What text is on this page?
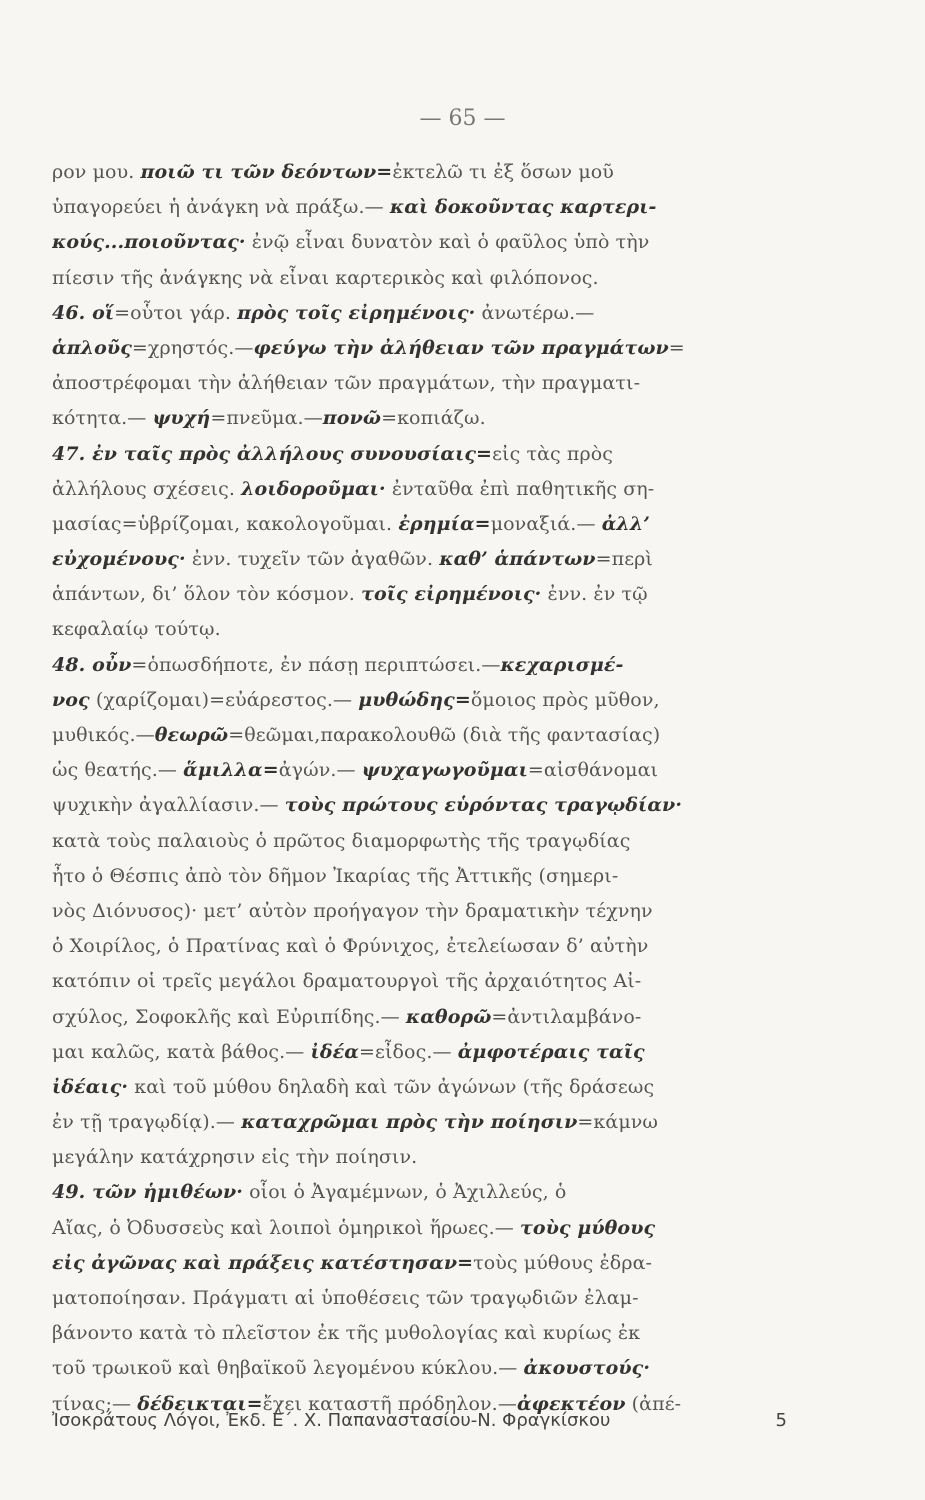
— 65 —
ρον μου. ποιῶ τι τῶν δεόντων=ἐκτελῶ τι ἐξ ὅσων μοῦ
ὑπαγορεύει ἡ ἀνάγκη νὰ πράξω.— καὶ δοκοῦντας καρτερι-
κούς...ποιοῦντας· ἐνῷ εἶναι δυνατὸν καὶ ὁ φαῦλος ὑπὸ τὴν
πίεσιν τῆς ἀνάγκης νὰ εἶναι καρτερικὸς καὶ φιλόπονος.
46. οἵ=οὗτοι γάρ. πρὸς τοῖς εἰρημένοις· ἀνωτέρω.—
ἁπλοῦς=χρηστός.—φεύγω τὴν ἀλήθειαν τῶν πραγμάτων=
ἀποστρέφομαι τὴν ἀλήθειαν τῶν πραγμάτων, τὴν πραγματι-
κότητα.— ψυχή=πνεῦμα.—πονῶ=κοπιάζω.
47. ἐν ταῖς πρὸς ἀλλήλους συνουσίαις=εἰς τὰς πρὸς
ἀλλήλους σχέσεις. λοιδοροῦμαι· ἐνταῦθα ἐπὶ παθητικῆς ση-
μασίας=ὑβρίζομαι, κακολογοῦμαι. ἐρημία=μοναξιά.— ἀλλ’
εὐχομένους· ἐνν. τυχεῖν τῶν ἀγαθῶν. καθ’ ἁπάντων=περὶ
ἁπάντων, δι’ ὅλον τὸν κόσμον. τοῖς εἰρημένοις· ἐνν. ἐν τῷ
κεφαλαίῳ τούτῳ.
48. οὖν=ὁπωσδήποτε, ἐν πάσῃ περιπτώσει.—κεχαρισμέ-
νος (χαρίζομαι)=εὐάρεστος.— μυθώδης=ὅμοιος πρὸς μῦθον,
μυθικός.—θεωρῶ=θεῶμαι,παρακολουθῶ (διὰ τῆς φαντασίας)
ὡς θεατής.— ἅμιλλα=ἀγών.— ψυχαγωγοῦμαι=αἰσθάνομαι
ψυχικὴν ἀγαλλίασιν.— τοὺς πρώτους εὑρόντας τραγῳδίαν·
κατὰ τοὺς παλαιοὺς ὁ πρῶτος διαμορφωτὴς τῆς τραγῳδίας
ἦτο ὁ Θέσπις ἀπὸ τὸν δῆμον Ἰκαρίας τῆς Ἀττικῆς (σημερι-
νὸς Διόνυσος)· μετ’ αὐτὸν προήγαγον τὴν δραματικὴν τέχνην
ὁ Χοιρίλος, ὁ Πρατίνας καὶ ὁ Φρύνιχος, ἐτελείωσαν δ’ αὐτὴν
κατόπιν οἱ τρεῖς μεγάλοι δραματουργοὶ τῆς ἀρχαιότητος Αἰ-
σχύλος, Σοφοκλῆς καὶ Εὐριπίδης.— καθορῶ=ἀντιλαμβάνο-
μαι καλῶς, κατὰ βάθος.— ἰδέα=εἶδος.— ἀμφοτέραις ταῖς
ἰδέαις· καὶ τοῦ μύθου δηλαδὴ καὶ τῶν ἀγώνων (τῆς δράσεως
ἐν τῇ τραγῳδίᾳ).— καταχρῶμαι πρὸς τὴν ποίησιν=κάμνω
μεγάλην κατάχρησιν εἰς τὴν ποίησιν.
49. τῶν ἡμιθέων· οἷοι ὁ Ἀγαμέμνων, ὁ Ἀχιλλεύς, ὁ
Αἴας, ὁ Ὀδυσσεὺς καὶ λοιποὶ ὁμηρικοὶ ἥρωες.— τοὺς μύθους
εἰς ἀγῶνας καὶ πράξεις κατέστησαν=τοὺς μύθους ἐδρα-
ματοποίησαν. Πράγματι αἱ ὑποθέσεις τῶν τραγῳδιῶν ἐλαμ-
βάνοντο κατὰ τὸ πλεῖστον ἐκ τῆς μυθολογίας καὶ κυρίως ἐκ
τοῦ τρωικοῦ καὶ θηβαϊκοῦ λεγομένου κύκλου.— ἀκουστούς·
τίνας;— δέδεικται=ἔχει καταστῆ πρόδηλον.—ἀφεκτέον (ἀπέ-
Ἰσοκράτους Λόγοι, Ἐκδ. Ε΄. Χ. Παπαναστασίου-Ν. Φραγκίσκου	5
